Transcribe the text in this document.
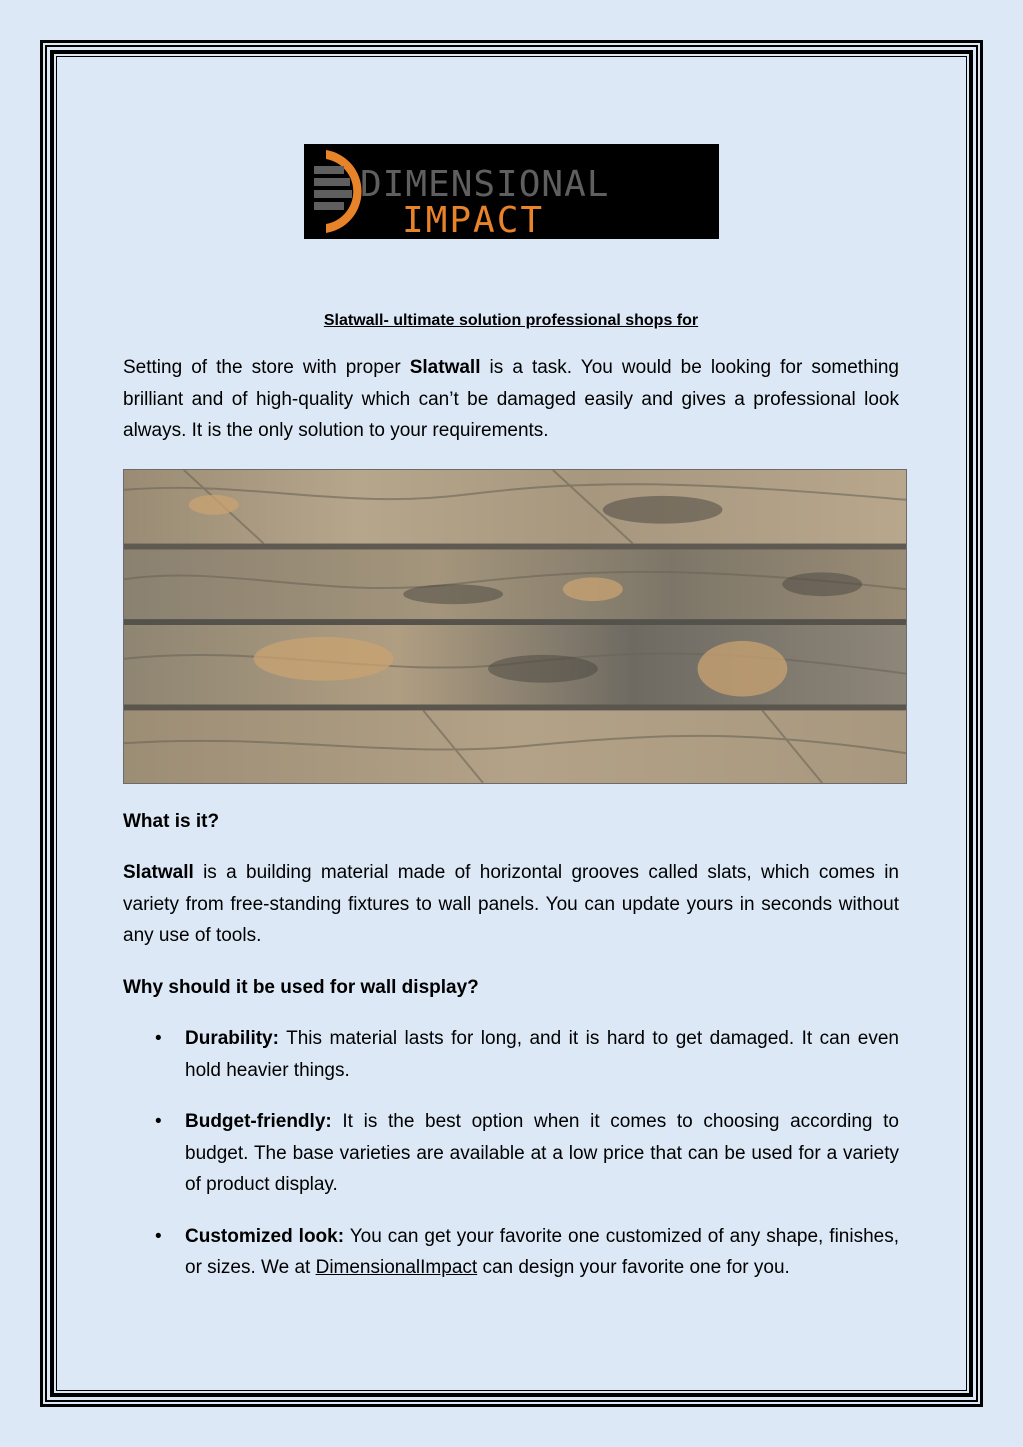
DIMENSIONAL
IMPACT
Slatwall- ultimate solution professional shops for

Setting of the store with proper Slatwall is a task. You would be looking for something brilliant and of high-quality which can’t be damaged easily and gives a professional look always. It is the only solution to your requirements.

What is it?

Slatwall is a building material made of horizontal grooves called slats, which comes in variety from free-standing fixtures to wall panels. You can update yours in seconds without any use of tools.

Why should it be used for wall display?

• Durability: This material lasts for long, and it is hard to get damaged. It can even hold heavier things.
• Budget-friendly: It is the best option when it comes to choosing according to budget. The base varieties are available at a low price that can be used for a variety of product display.
• Customized look: You can get your favorite one customized of any shape, finishes, or sizes. We at DimensionalImpact can design your favorite one for you.
